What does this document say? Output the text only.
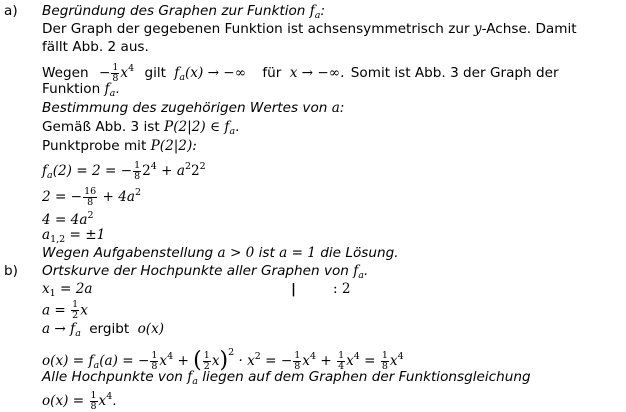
a) Begründung des Graphen zur Funktion $f_a$:
Der Graph der gegebenen Funktion ist achsensymmetrisch zur y-Achse. Damit
fällt Abb. 2 aus.
Wegen − $\frac{1}{8} x^4$ gilt $f_a(x)$ → −∞ für x → −∞. Somit ist Abb. 3 der Graph der
Funktion $f_a$.
Bestimmung des zugehörigen Wertes von a:
Gemäß Abb. 3 ist P(2|2) ∈ $f_a$.
Punktprobe mit P(2|2):
$f_a(2) = 2$ = − $\frac{1}{8} 2^4 + a^22^2$
2 = − $\frac{16}{8} + 4a^2$
$4 = 4a^2$
$a_{1,2} = \pm 1$
Wegen Aufgabenstellung a > 0 ist a = 1 die Lösung.
b) Ortskurve der Hochpunkte aller Graphen von $f_a$.
$x_1 = 2a$	|	: 2
$a = \frac{1}{2}$ x
$a \to f_a$ ergibt o(x)
$o(x) = f_a(a)$ = − $\frac{1}{8} x^4$ + ( $\frac{1}{2} x)^2 \cdot x^2$ = − $\frac{1}{8} x^4 + \frac{1}{4} x^4 = \frac{1}{8} x^4$
Alle Hochpunkte von $f_a$ liegen auf dem Graphen der Funktionsgleichung
$o(x) = \frac{1}{8} x^4$.
